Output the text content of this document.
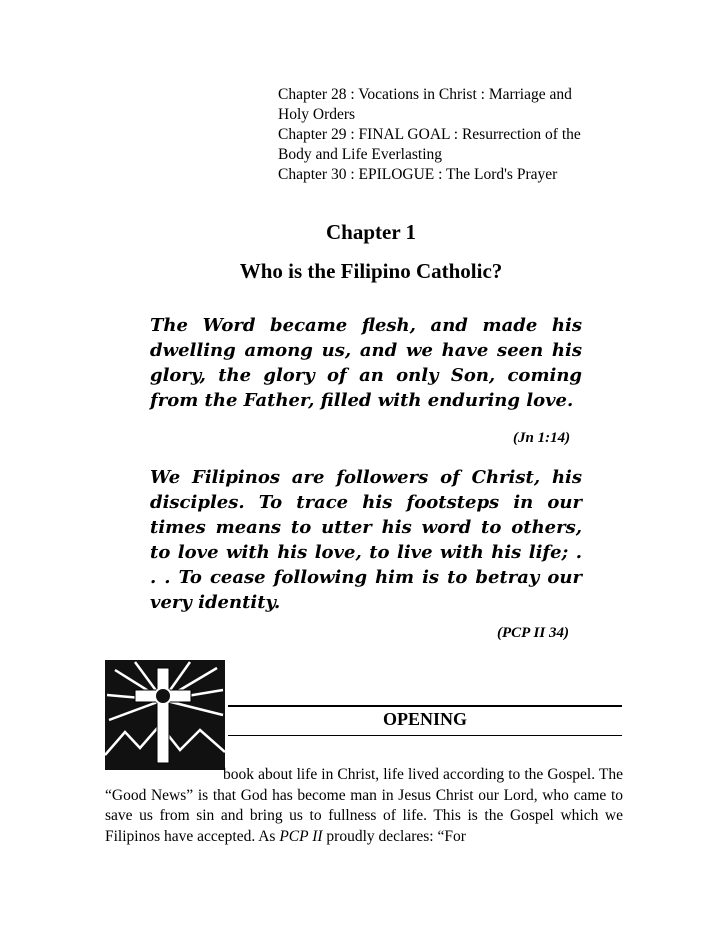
Chapter 28 : Vocations in Christ : Marriage and
Holy Orders
Chapter 29 : FINAL GOAL : Resurrection of the
Body and Life Everlasting
Chapter 30 : EPILOGUE : The Lord's Prayer
Chapter 1
Who is the Filipino Catholic?
The Word became flesh, and made his dwelling among us, and we have seen his glory, the glory of an only Son, coming from the Father, filled with enduring love.
(Jn 1:14)
We Filipinos are followers of Christ, his disciples. To trace his footsteps in our times means to utter his word to others, to love with his love, to live with his life; . . . To cease following him is to betray our very identity.
(PCP II 34)
OPENING
book about life in Christ, life lived according to the Gospel. The “Good News” is that God has become man in Jesus Christ our Lord, who came to save us from sin and bring us to fullness of life. This is the Gospel which we Filipinos have accepted. As PCP II proudly declares: “For
